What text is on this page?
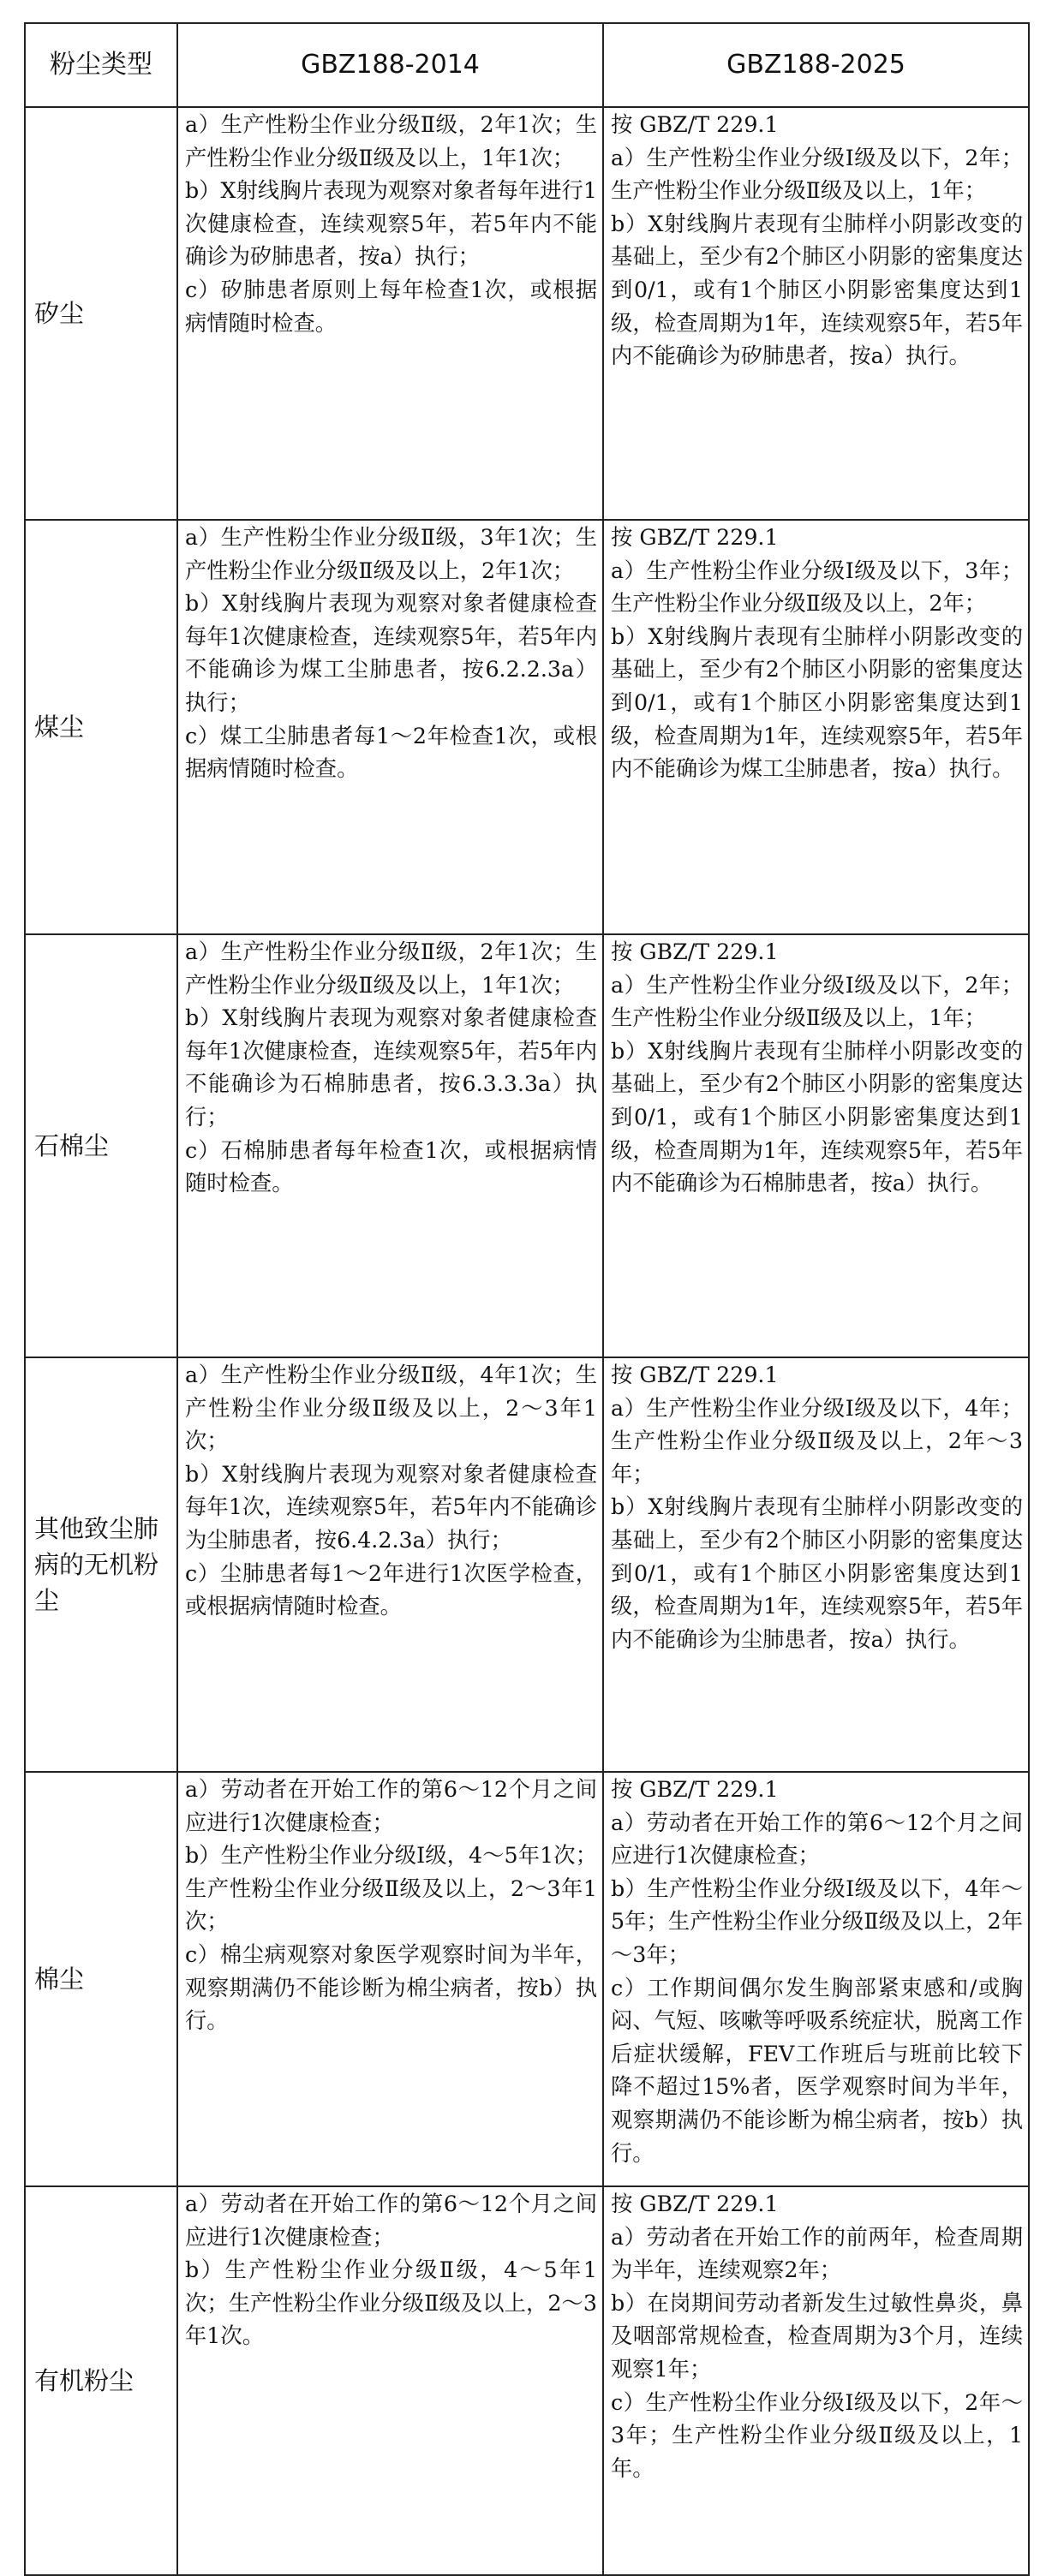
粉尘类型	GBZ188-2014	GBZ188-2025
矽尘	a）生产性粉尘作业分级Ⅱ级，2年1次；生产性粉尘作业分级Ⅱ级及以上，1年1次；
b）X射线胸片表现为观察对象者每年进行1次健康检查，连续观察5年，若5年内不能确诊为矽肺患者，按a）执行；
c）矽肺患者原则上每年检查1次，或根据病情随时检查。	按 GBZ/T 229.1
a）生产性粉尘作业分级Ⅰ级及以下，2年；生产性粉尘作业分级Ⅱ级及以上，1年；
b）X射线胸片表现有尘肺样小阴影改变的基础上，至少有2个肺区小阴影的密集度达到0/1，或有1个肺区小阴影密集度达到1级，检查周期为1年，连续观察5年，若5年内不能确诊为矽肺患者，按a）执行。

煤尘	a）生产性粉尘作业分级Ⅱ级，3年1次；生产性粉尘作业分级Ⅱ级及以上，2年1次；
b）X射线胸片表现为观察对象者健康检查每年1次健康检查，连续观察5年，若5年内不能确诊为煤工尘肺患者，按6.2.2.3a）执行；
c）煤工尘肺患者每1～2年检查1次，或根据病情随时检查。	按 GBZ/T 229.1
a）生产性粉尘作业分级Ⅰ级及以下，3年；生产性粉尘作业分级Ⅱ级及以上，2年；
b）X射线胸片表现有尘肺样小阴影改变的基础上，至少有2个肺区小阴影的密集度达到0/1，或有1个肺区小阴影密集度达到1级，检查周期为1年，连续观察5年，若5年内不能确诊为煤工尘肺患者，按a）执行。

石棉尘	a）生产性粉尘作业分级Ⅱ级，2年1次；生产性粉尘作业分级Ⅱ级及以上，1年1次；
b）X射线胸片表现为观察对象者健康检查每年1次健康检查，连续观察5年，若5年内不能确诊为石棉肺患者，按6.3.3.3a）执行；
c）石棉肺患者每年检查1次，或根据病情随时检查。	按 GBZ/T 229.1
a）生产性粉尘作业分级Ⅰ级及以下，2年；生产性粉尘作业分级Ⅱ级及以上，1年；
b）X射线胸片表现有尘肺样小阴影改变的基础上，至少有2个肺区小阴影的密集度达到0/1，或有1个肺区小阴影密集度达到1级，检查周期为1年，连续观察5年，若5年内不能确诊为石棉肺患者，按a）执行。

其他致尘肺病的无机粉尘	a）生产性粉尘作业分级Ⅱ级，4年1次；生产性粉尘作业分级Ⅱ级及以上，2～3年1次；
b）X射线胸片表现为观察对象者健康检查每年1次，连续观察5年，若5年内不能确诊为尘肺患者，按6.4.2.3a）执行；
c）尘肺患者每1～2年进行1次医学检查，或根据病情随时检查。	按 GBZ/T 229.1
a）生产性粉尘作业分级Ⅰ级及以下，4年；生产性粉尘作业分级Ⅱ级及以上，2年～3年；
b）X射线胸片表现有尘肺样小阴影改变的基础上，至少有2个肺区小阴影的密集度达到0/1，或有1个肺区小阴影密集度达到1级，检查周期为1年，连续观察5年，若5年内不能确诊为尘肺患者，按a）执行。

棉尘	a）劳动者在开始工作的第6～12个月之间应进行1次健康检查；
b）生产性粉尘作业分级Ⅰ级，4～5年1次；生产性粉尘作业分级Ⅱ级及以上，2～3年1次；
c）棉尘病观察对象医学观察时间为半年，观察期满仍不能诊断为棉尘病者，按b）执行。	按 GBZ/T 229.1
a）劳动者在开始工作的第6～12个月之间应进行1次健康检查；
b）生产性粉尘作业分级Ⅰ级及以下，4年～5年；生产性粉尘作业分级Ⅱ级及以上，2年～3年；
c）工作期间偶尔发生胸部紧束感和/或胸闷、气短、咳嗽等呼吸系统症状，脱离工作后症状缓解，FEV工作班后与班前比较下降不超过15%者，医学观察时间为半年，观察期满仍不能诊断为棉尘病者，按b）执行。

有机粉尘	a）劳动者在开始工作的第6～12个月之间应进行1次健康检查；
b）生产性粉尘作业分级Ⅱ级，4～5年1次；生产性粉尘作业分级Ⅱ级及以上，2～3年1次。	按 GBZ/T 229.1
a）劳动者在开始工作的前两年，检查周期为半年，连续观察2年；
b）在岗期间劳动者新发生过敏性鼻炎，鼻及咽部常规检查，检查周期为3个月，连续观察1年；
c）生产性粉尘作业分级Ⅰ级及以下，2年～3年；生产性粉尘作业分级Ⅱ级及以上，1年。
